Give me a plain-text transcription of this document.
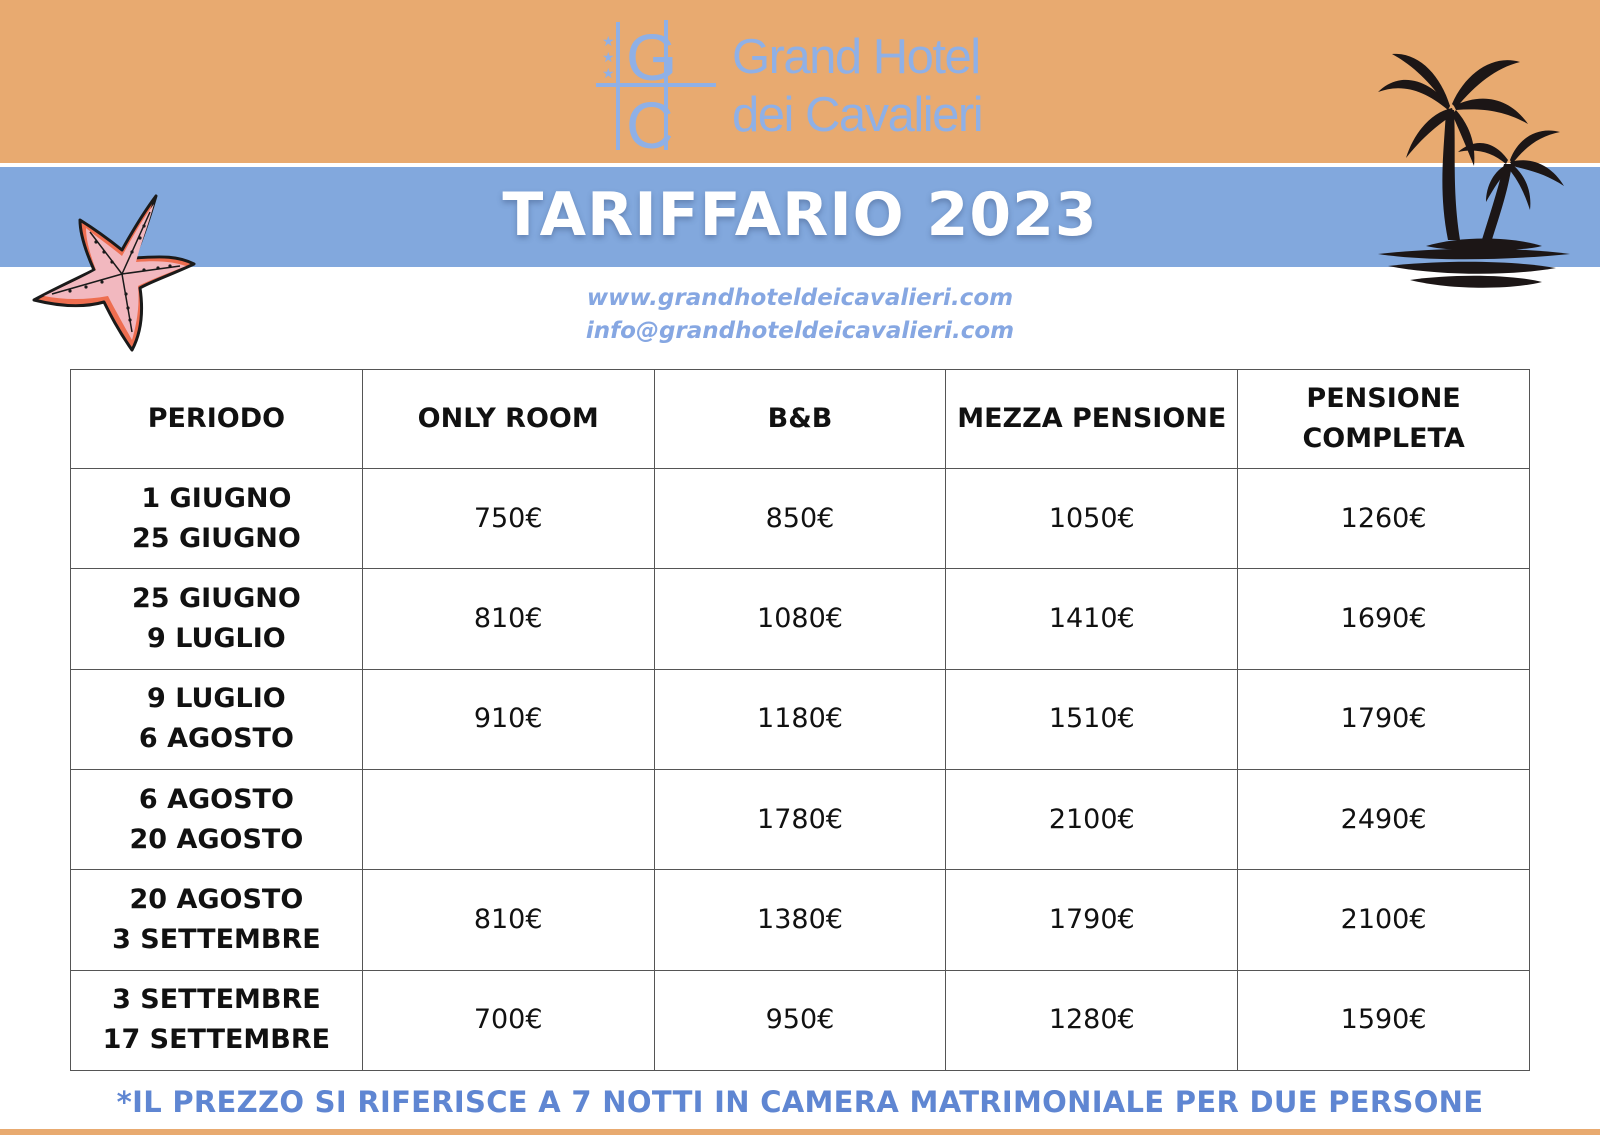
★
★
★ G
C
Grand Hotel
dei Cavalieri
TARIFFARIO 2023
www.grandhoteldeicavalieri.com
info@grandhoteldeicavalieri.com
PERIODO	ONLY ROOM	B&B	MEZZA PENSIONE	PENSIONE
COMPLETA

1 GIUGNO
25 GIUGNO	750€	850€	1050€	1260€

25 GIUGNO
9 LUGLIO	810€	1080€	1410€	1690€

9 LUGLIO
6 AGOSTO	910€	1180€	1510€	1790€

6 AGOSTO
20 AGOSTO		1780€	2100€	2490€

20 AGOSTO
3 SETTEMBRE	810€	1380€	1790€	2100€

3 SETTEMBRE
17 SETTEMBRE	700€	950€	1280€	1590€

*IL PREZZO SI RIFERISCE A 7 NOTTI IN CAMERA MATRIMONIALE PER DUE PERSONE
